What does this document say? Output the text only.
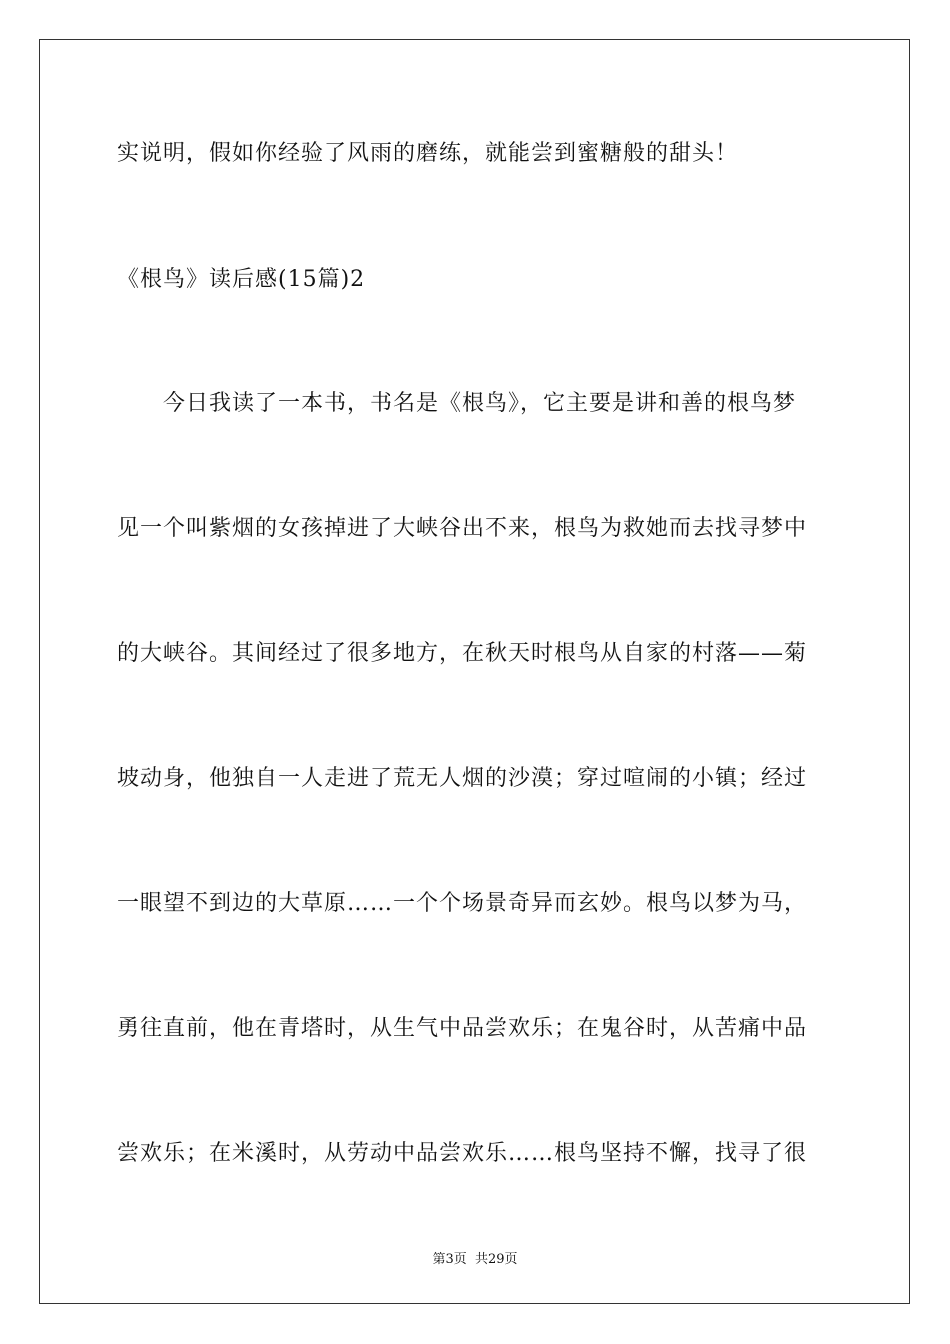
实说明，假如你经验了风雨的磨练，就能尝到蜜糖般的甜头！
《根鸟》读后感(15篇)2
今日我读了一本书，书名是《根鸟》，它主要是讲和善的根鸟梦
见一个叫紫烟的女孩掉进了大峡谷出不来，根鸟为救她而去找寻梦中
的大峡谷。其间经过了很多地方，在秋天时根鸟从自家的村落——菊
坡动身，他独自一人走进了荒无人烟的沙漠；穿过喧闹的小镇；经过
一眼望不到边的大草原……一个个场景奇异而玄妙。根鸟以梦为马，
勇往直前，他在青塔时，从生气中品尝欢乐；在鬼谷时，从苦痛中品
尝欢乐；在米溪时，从劳动中品尝欢乐……根鸟坚持不懈，找寻了很
第3页 共29页
